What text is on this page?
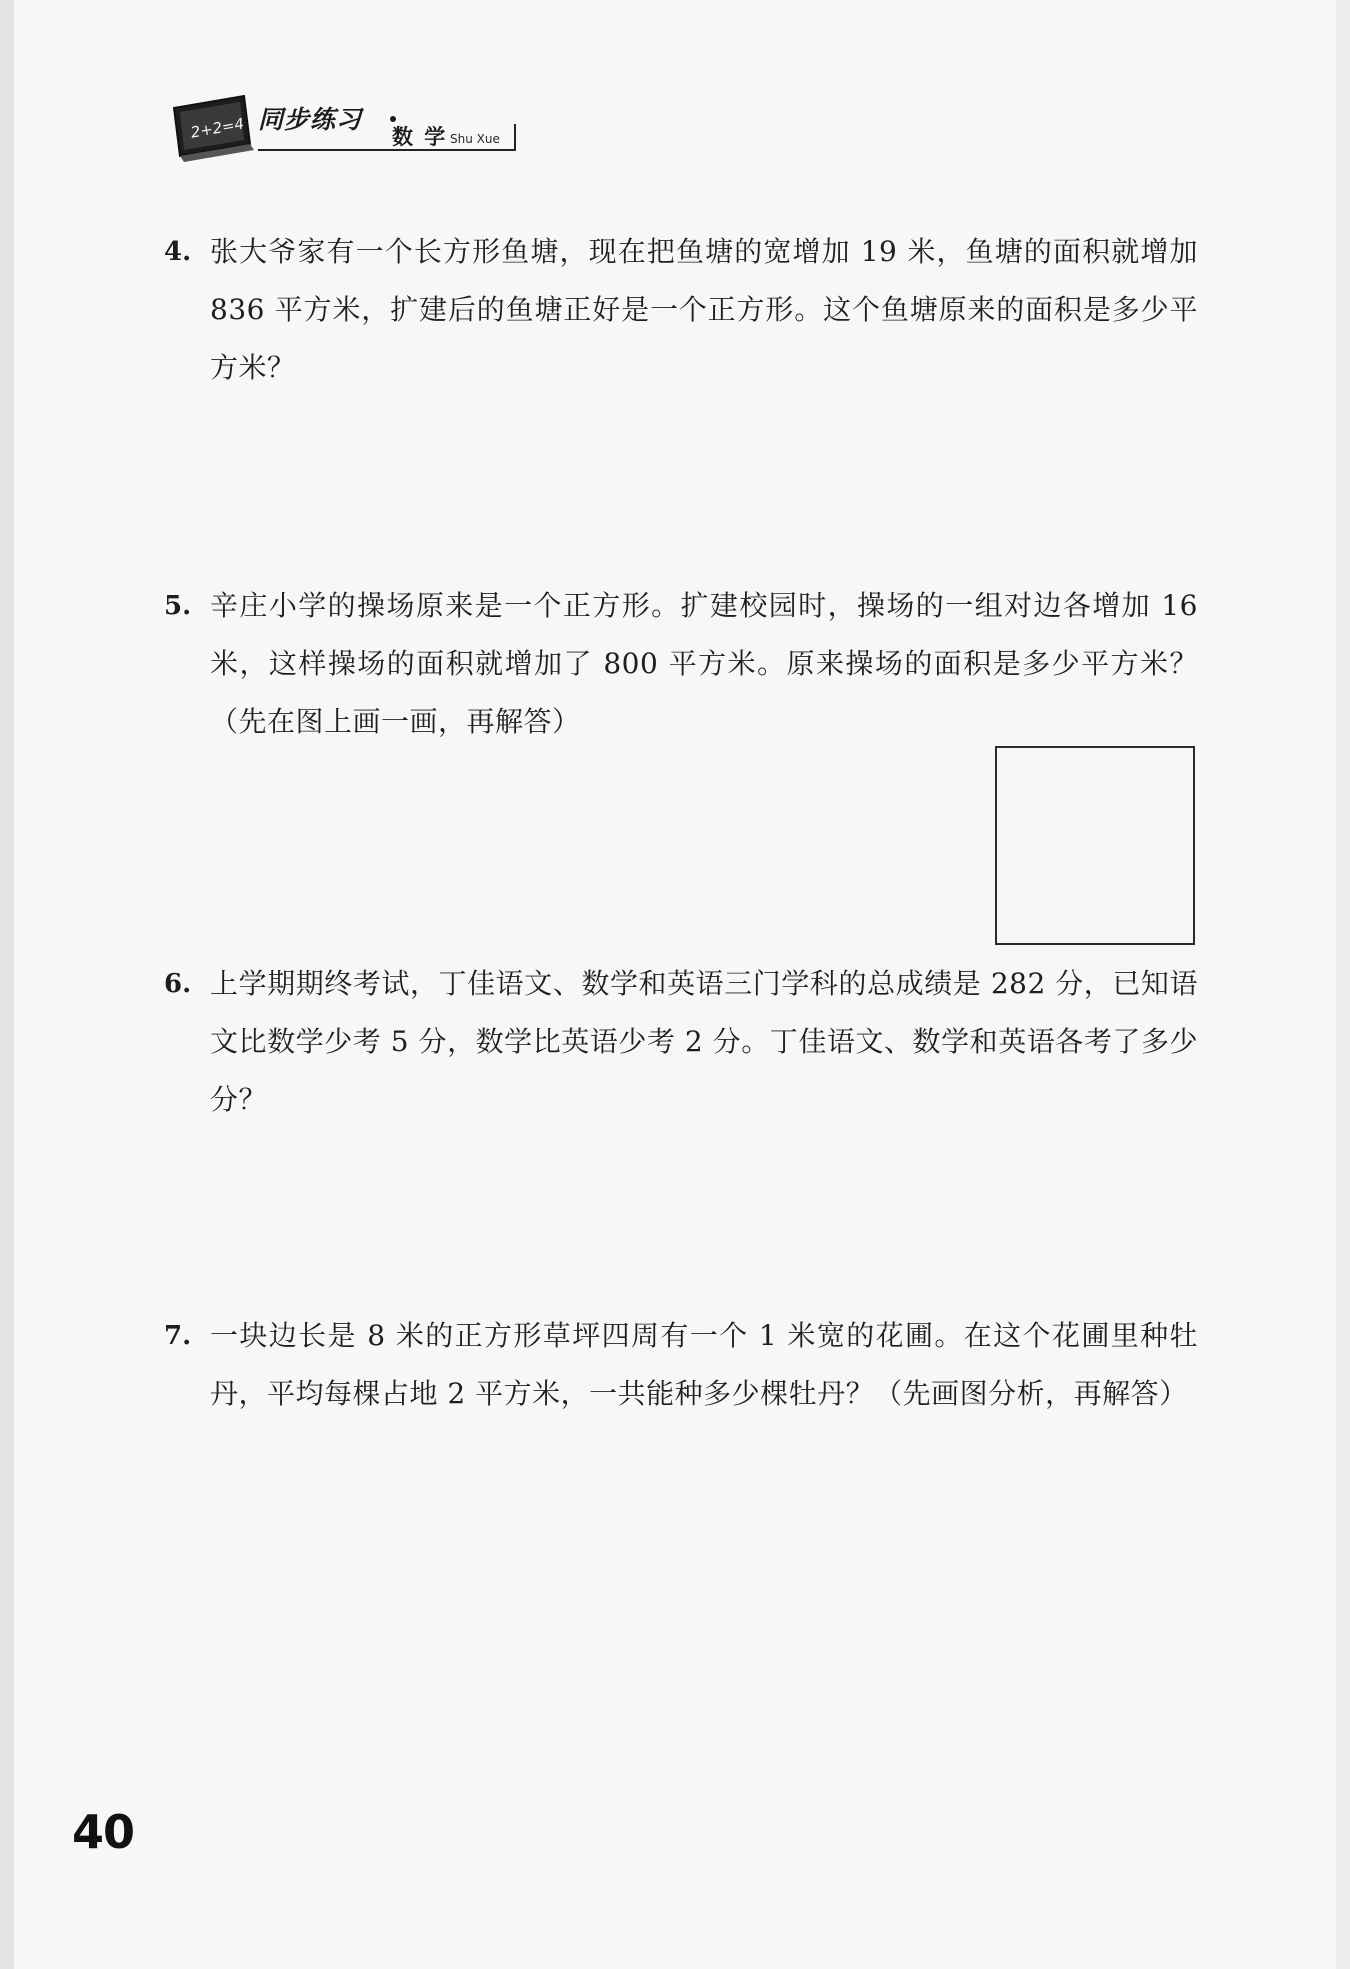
2+2=4 同步练习
数 学 Shu Xue
4. 张大爷家有一个长方形鱼塘，现在把鱼塘的宽增加 19 米，鱼塘的面积就增加 836 平方米，扩建后的鱼塘正好是一个正方形。这个鱼塘原来的面积是多少平方米？
5. 辛庄小学的操场原来是一个正方形。扩建校园时，操场的一组对边各增加 16 米，这样操场的面积就增加了 800 平方米。原来操场的面积是多少平方米？（先在图上画一画，再解答）
6. 上学期期终考试，丁佳语文、数学和英语三门学科的总成绩是 282 分，已知语文比数学少考 5 分，数学比英语少考 2 分。丁佳语文、数学和英语各考了多少分？
7. 一块边长是 8 米的正方形草坪四周有一个 1 米宽的花圃。在这个花圃里种牡丹，平均每棵占地 2 平方米，一共能种多少棵牡丹？（先画图分析，再解答）
40
